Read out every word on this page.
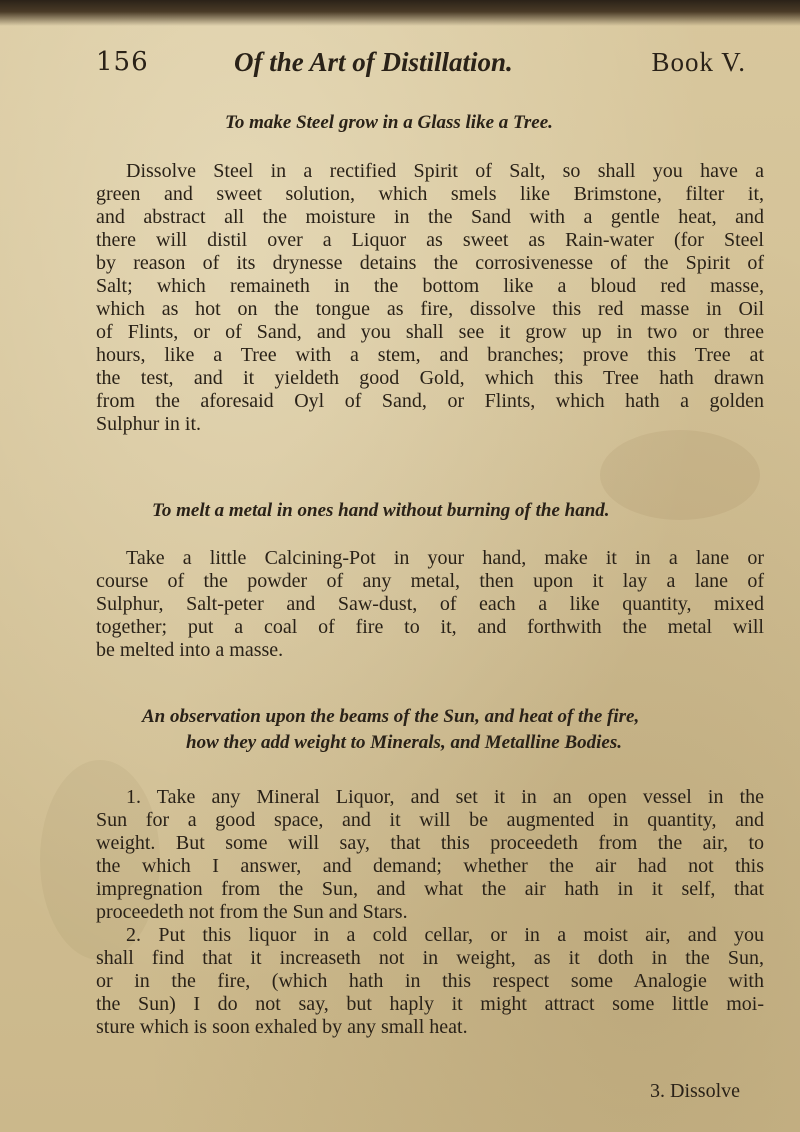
156	Of the Art of Distillation.	Book V.
To make Steel grow in a Glass like a Tree.
Dissolve Steel in a rectified Spirit of Salt, so shall you have a
green and sweet solution, which smels like Brimstone, filter it,
and abstract all the moisture in the Sand with a gentle heat, and
there will distil over a Liquor as sweet as Rain-water (for Steel
by reason of its drynesse detains the corrosivenesse of the Spirit of
Salt; which remaineth in the bottom like a bloud red masse,
which as hot on the tongue as fire, dissolve this red masse in Oil
of Flints, or of Sand, and you shall see it grow up in two or three
hours, like a Tree with a stem, and branches; prove this Tree at
the test, and it yieldeth good Gold, which this Tree hath drawn
from the aforesaid Oyl of Sand, or Flints, which hath a golden
Sulphur in it.
To melt a metal in ones hand without burning of the hand.
Take a little Calcining-Pot in your hand, make it in a lane or
course of the powder of any metal, then upon it lay a lane of
Sulphur, Salt-peter and Saw-dust, of each a like quantity, mixed
together; put a coal of fire to it, and forthwith the metal will
be melted into a masse.
An observation upon the beams of the Sun, and heat of the fire,
how they add weight to Minerals, and Metalline Bodies.
1. Take any Mineral Liquor, and set it in an open vessel in the
Sun for a good space, and it will be augmented in quantity, and
weight. But some will say, that this proceedeth from the air, to
the which I answer, and demand; whether the air had not this
impregnation from the Sun, and what the air hath in it self, that
proceedeth not from the Sun and Stars.
2. Put this liquor in a cold cellar, or in a moist air, and you
shall find that it increaseth not in weight, as it doth in the Sun,
or in the fire, (which hath in this respect some Analogie with
the Sun) I do not say, but haply it might attract some little moi-
sture which is soon exhaled by any small heat.
3. Dissolve
